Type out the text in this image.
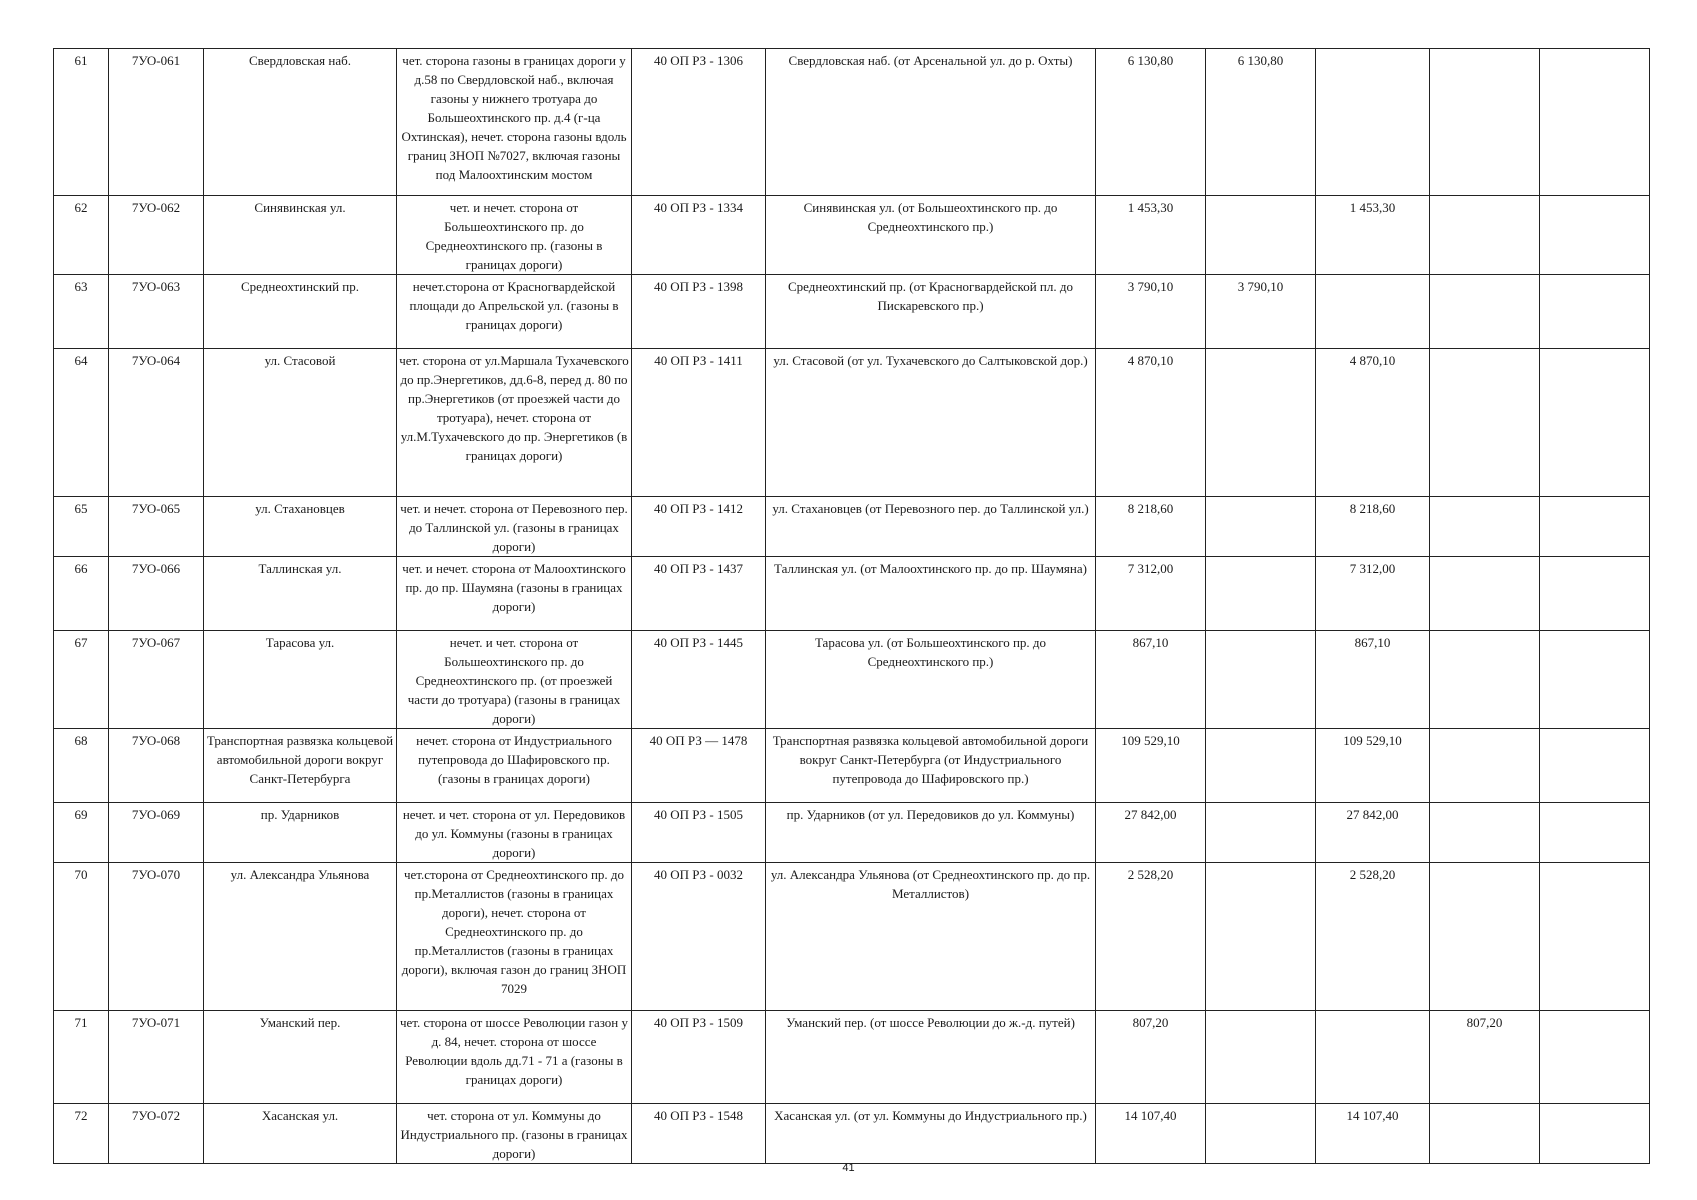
61	7УО-061	Свердловская наб.	чет. сторона газоны в границах дороги у д.58 по Свердловской наб., включая газоны у нижнего тротуара до Большеохтинского пр. д.4 (г-ца Охтинская), нечет. сторона газоны вдоль границ ЗНОП №7027, включая газоны под Малоохтинским мостом	40 ОП РЗ - 1306	Свердловская наб. (от Арсенальной ул. до р. Охты)	6 130,80	6 130,80			
62	7УО-062	Синявинская ул.	чет. и нечет. сторона от Большеохтинского пр. до Среднеохтинского пр. (газоны в границах дороги)	40 ОП РЗ - 1334	Синявинская ул. (от Большеохтинского пр. до Среднеохтинского пр.)	1 453,30		1 453,30		
63	7УО-063	Среднеохтинский пр.	нечет.сторона от Красногвардейской площади до Апрельской ул. (газоны в границах дороги)	40 ОП РЗ - 1398	Среднеохтинский пр. (от Красногвардейской пл. до Пискаревского пр.)	3 790,10	3 790,10			
64	7УО-064	ул. Стасовой	чет. сторона от ул.Маршала Тухачевского до пр.Энергетиков, дд.6-8, перед д. 80 по пр.Энергетиков (от проезжей части до тротуара), нечет. сторона от ул.М.Тухачевского до пр. Энергетиков (в границах дороги)	40 ОП РЗ - 1411	ул. Стасовой (от ул. Тухачевского до Салтыковской дор.)	4 870,10		4 870,10		
65	7УО-065	ул. Стахановцев	чет. и нечет. сторона от Перевозного пер. до Таллинской ул. (газоны в границах дороги)	40 ОП РЗ - 1412	ул. Стахановцев (от Перевозного пер. до Таллинской ул.)	8 218,60		8 218,60		
66	7УО-066	Таллинская ул.	чет. и нечет. сторона от Малоохтинского пр. до пр. Шаумяна (газоны в границах дороги)	40 ОП РЗ - 1437	Таллинская ул. (от Малоохтинского пр. до пр. Шаумяна)	7 312,00		7 312,00		
67	7УО-067	Тарасова ул.	нечет. и чет. сторона от Большеохтинского пр. до Среднеохтинского пр. (от проезжей части до тротуара) (газоны в границах дороги)	40 ОП РЗ - 1445	Тарасова ул. (от Большеохтинского пр. до Среднеохтинского пр.)	867,10		867,10		
68	7УО-068	Транспортная развязка кольцевой автомобильной дороги вокруг Санкт-Петербурга	нечет. сторона от Индустриального путепровода до Шафировского пр. (газоны в границах дороги)	40 ОП РЗ — 1478	Транспортная развязка кольцевой автомобильной дороги вокруг Санкт-Петербурга (от Индустриального путепровода до Шафировского пр.)	109 529,10		109 529,10		
69	7УО-069	пр. Ударников	нечет. и чет. сторона от ул. Передовиков до ул. Коммуны (газоны в границах дороги)	40 ОП РЗ - 1505	пр. Ударников (от ул. Передовиков до ул. Коммуны)	27 842,00		27 842,00		
70	7УО-070	ул. Александра Ульянова	чет.сторона от Среднеохтинского пр. до пр.Металлистов (газоны в границах дороги), нечет. сторона от Среднеохтинского пр. до пр.Металлистов (газоны в границах дороги), включая газон до границ ЗНОП 7029	40 ОП РЗ - 0032	ул. Александра Ульянова (от Среднеохтинского пр. до пр. Металлистов)	2 528,20		2 528,20		
71	7УО-071	Уманский пер.	чет. сторона от шоссе Революции газон у д. 84, нечет. сторона от шоссе Революции вдоль дд.71 - 71 а (газоны в границах дороги)	40 ОП РЗ - 1509	Уманский пер. (от шоссе Революции до ж.-д. путей)	807,20			807,20	
72	7УО-072	Хасанская ул.	чет. сторона от ул. Коммуны до Индустриального пр. (газоны в границах дороги)	40 ОП РЗ - 1548	Хасанская ул. (от ул. Коммуны до Индустриального пр.)	14 107,40		14 107,40		
41
